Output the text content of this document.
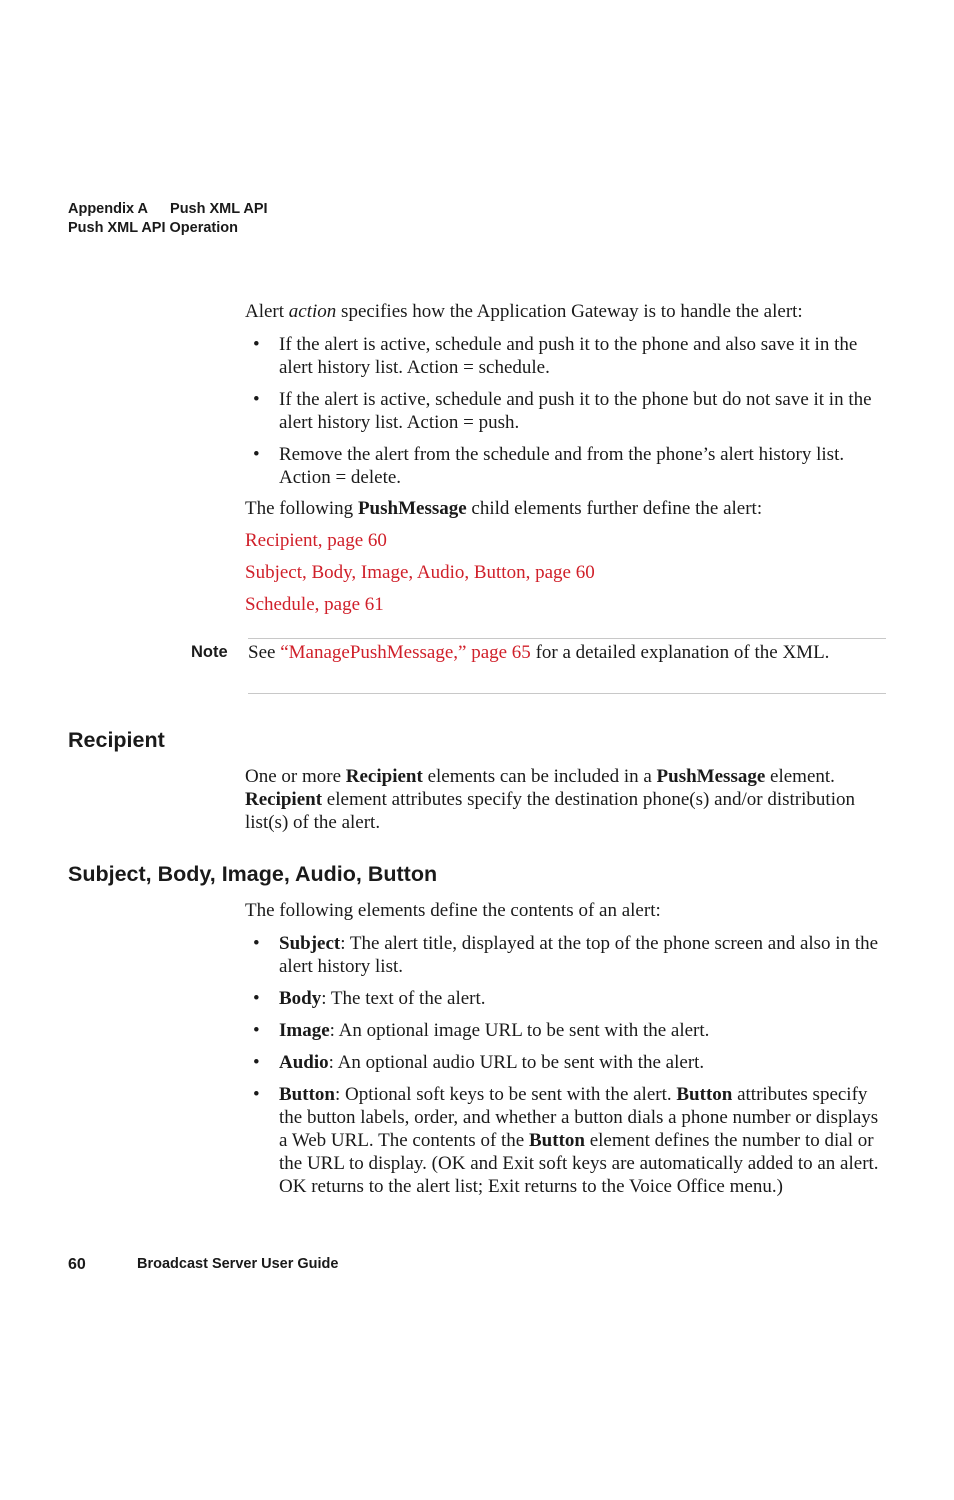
Appendix A Push XML API
Push XML API Operation

Alert action specifies how the Application Gateway is to handle the alert:

• If the alert is active, schedule and push it to the phone and also save it in the alert history list. Action = schedule.
• If the alert is active, schedule and push it to the phone but do not save it in the alert history list. Action = push.
• Remove the alert from the schedule and from the phone’s alert history list. Action = delete.

The following PushMessage child elements further define the alert:

Recipient, page 60
Subject, Body, Image, Audio, Button, page 60
Schedule, page 61
Note See “ManagePushMessage,” page 65 for a detailed explanation of the XML.
Recipient

One or more Recipient elements can be included in a PushMessage element. Recipient element attributes specify the destination phone(s) and/or distribution list(s) of the alert.

Subject, Body, Image, Audio, Button

The following elements define the contents of an alert:

• Subject: The alert title, displayed at the top of the phone screen and also in the alert history list.
• Body: The text of the alert.
• Image: An optional image URL to be sent with the alert.
• Audio: An optional audio URL to be sent with the alert.
• Button: Optional soft keys to be sent with the alert. Button attributes specify the button labels, order, and whether a button dials a phone number or displays a Web URL. The contents of the Button element defines the number to dial or the URL to display. (OK and Exit soft keys are automatically added to an alert. OK returns to the alert list; Exit returns to the Voice Office menu.)
60	Broadcast Server User Guide
